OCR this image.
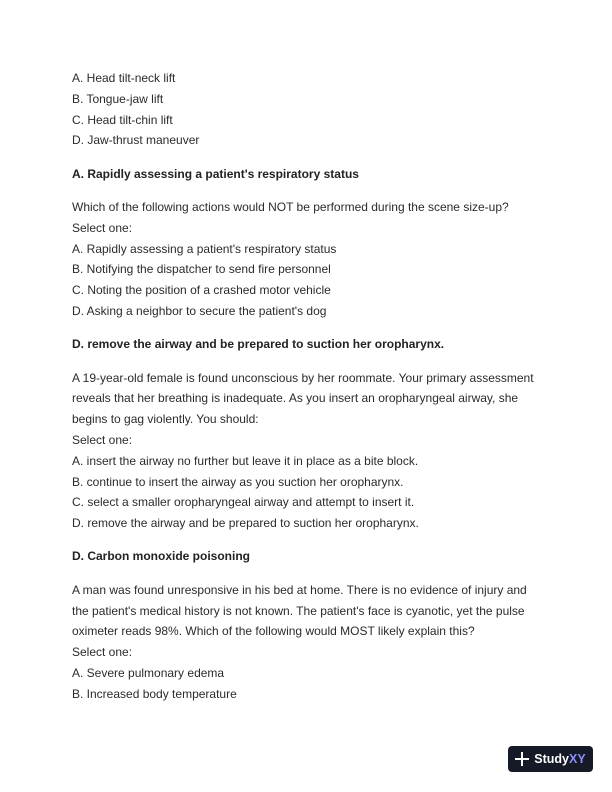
A. Head tilt-neck lift
B. Tongue-jaw lift
C. Head tilt-chin lift
D. Jaw-thrust maneuver
A. Rapidly assessing a patient's respiratory status
Which of the following actions would NOT be performed during the scene size-up?
Select one:
A. Rapidly assessing a patient's respiratory status
B. Notifying the dispatcher to send fire personnel
C. Noting the position of a crashed motor vehicle
D. Asking a neighbor to secure the patient's dog
D. remove the airway and be prepared to suction her oropharynx.
A 19-year-old female is found unconscious by her roommate. Your primary assessment
reveals that her breathing is inadequate. As you insert an oropharyngeal airway, she
begins to gag violently. You should:
Select one:
A. insert the airway no further but leave it in place as a bite block.
B. continue to insert the airway as you suction her oropharynx.
C. select a smaller oropharyngeal airway and attempt to insert it.
D. remove the airway and be prepared to suction her oropharynx.
D. Carbon monoxide poisoning
A man was found unresponsive in his bed at home. There is no evidence of injury and
the patient's medical history is not known. The patient's face is cyanotic, yet the pulse
oximeter reads 98%. Which of the following would MOST likely explain this?
Select one:
A. Severe pulmonary edema
B. Increased body temperature
Study XY
